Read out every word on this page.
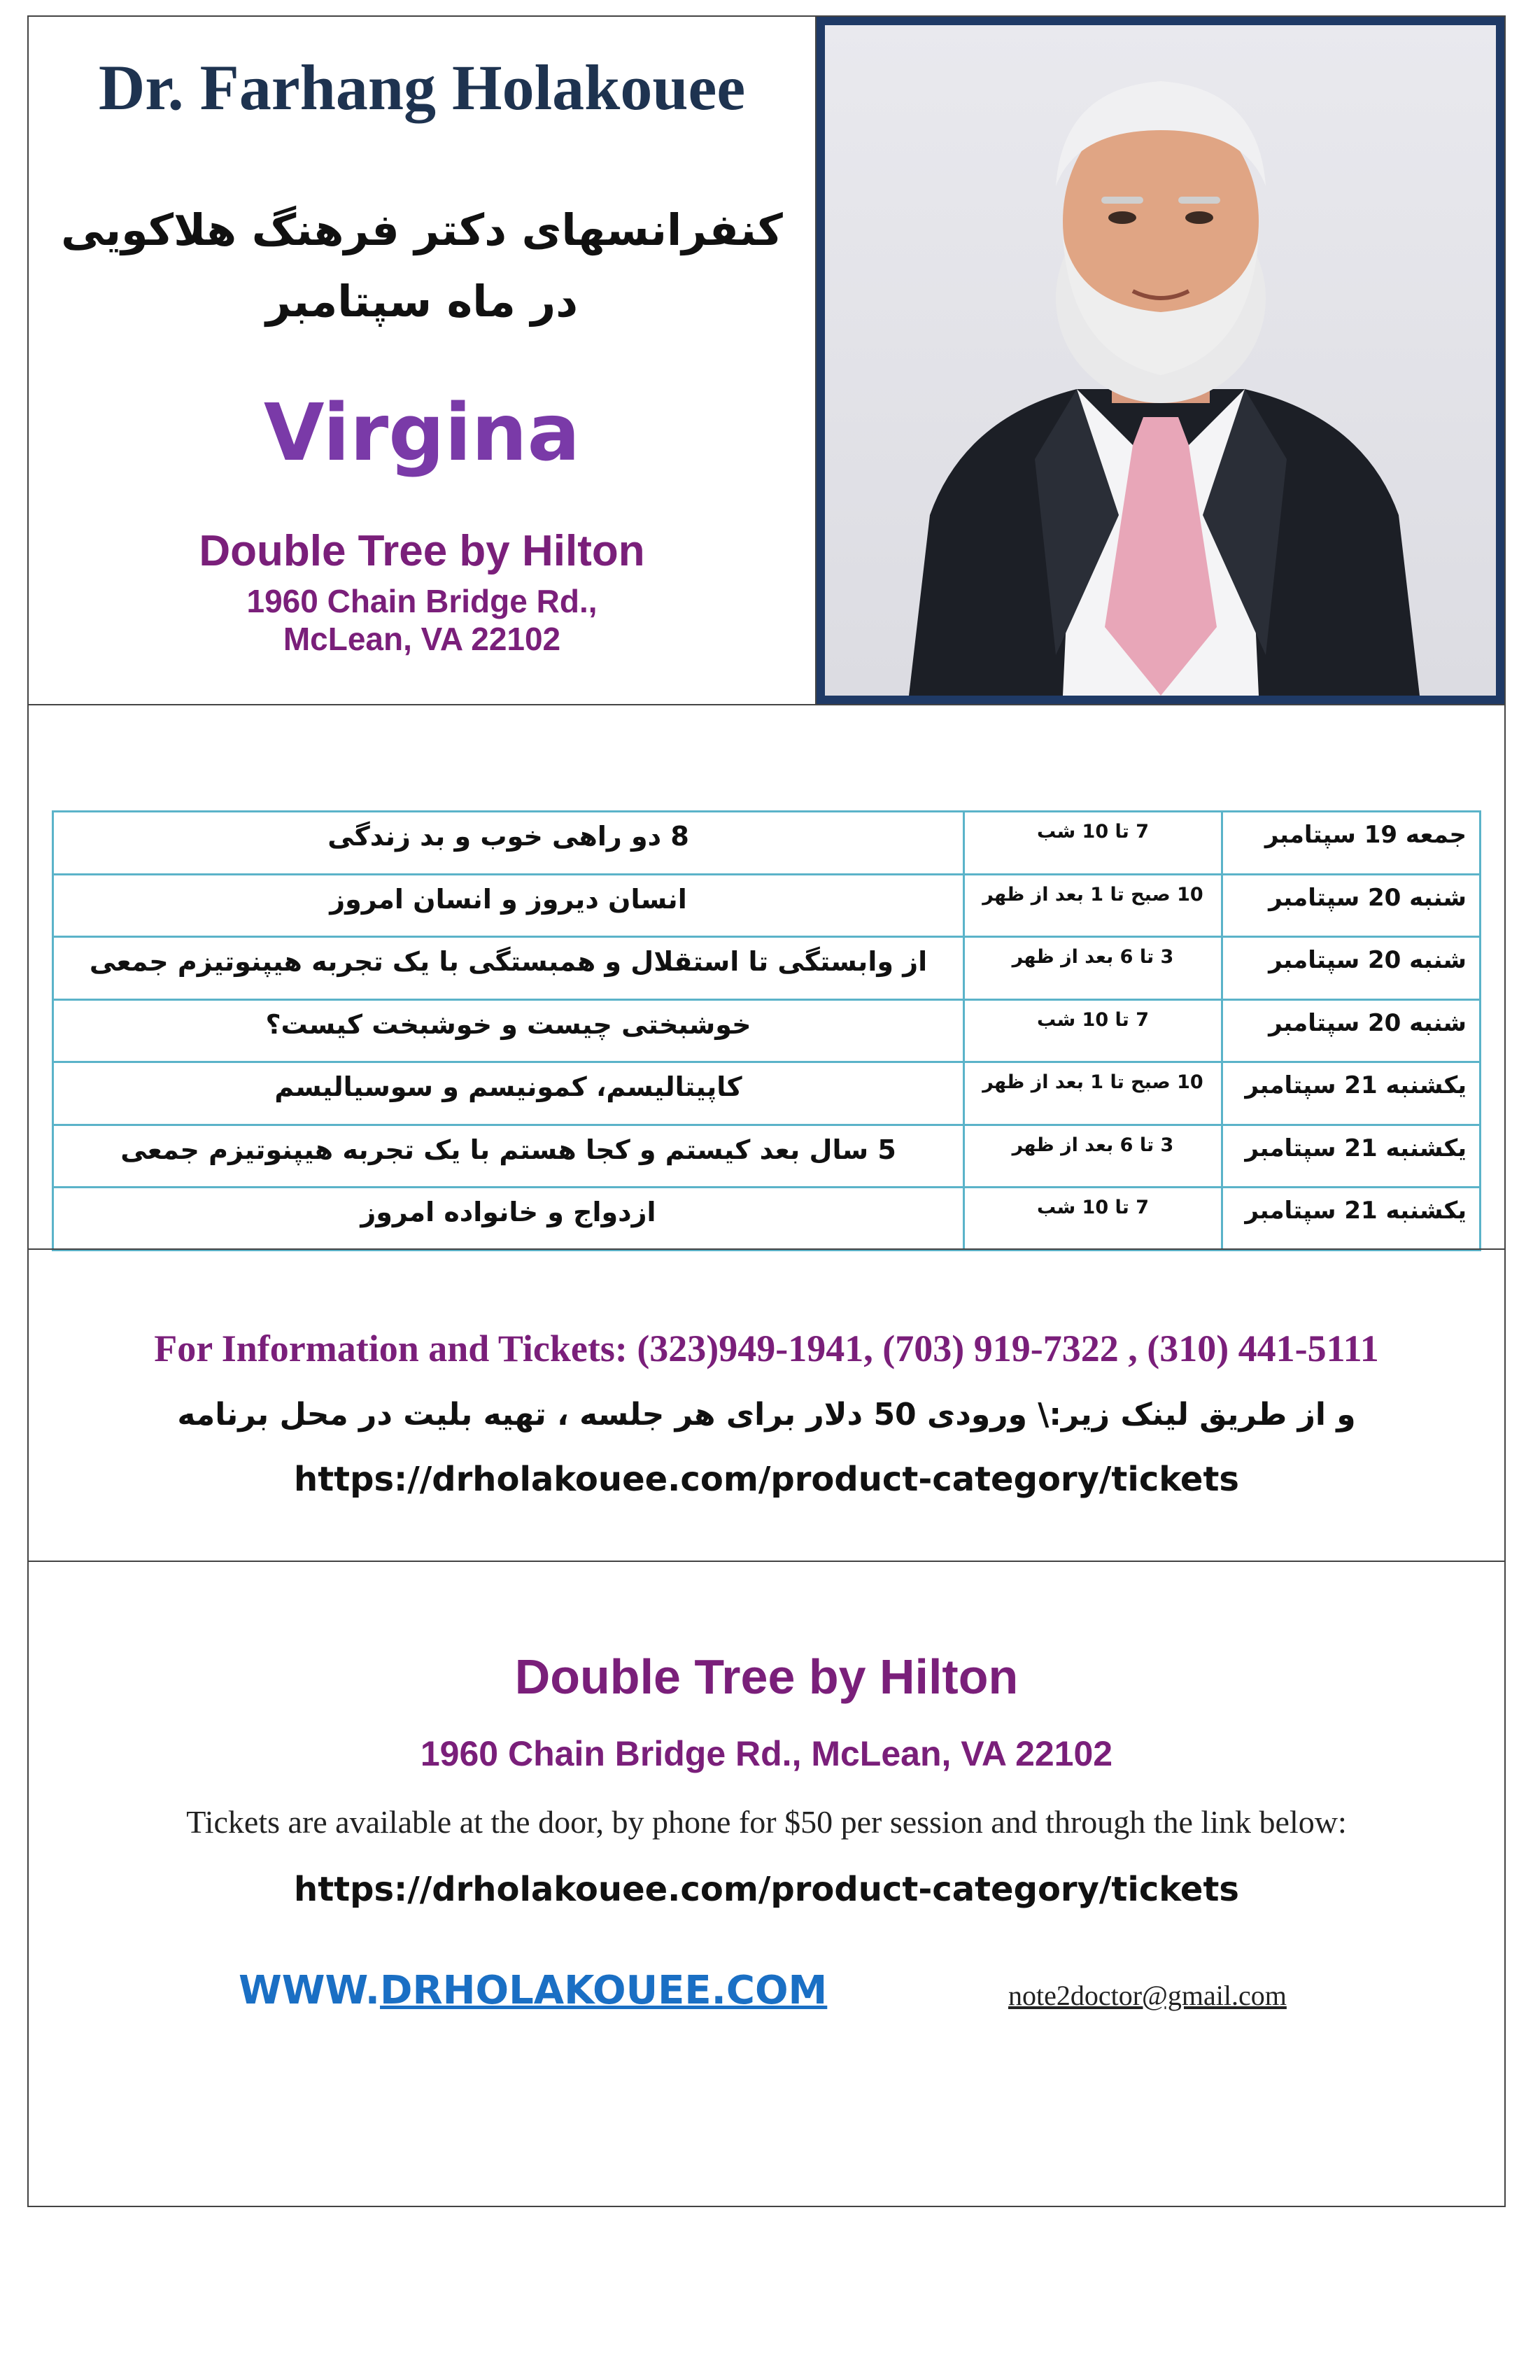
Dr. Farhang Holakouee
کنفرانسهای دکتر فرهنگ هلاکویی
در ماه سپتامبر
Virgina
Double Tree by Hilton
1960 Chain Bridge Rd.,
McLean, VA 22102
جمعه 19 سپتامبر	7 تا 10 شب	8 دو راهی خوب و بد زندگی
شنبه 20 سپتامبر	10 صبح تا 1 بعد از ظهر	انسان دیروز و انسان امروز
شنبه 20 سپتامبر	3 تا 6 بعد از ظهر	از وابستگی تا استقلال و همبستگی با یک تجربه هیپنوتیزم جمعی
شنبه 20 سپتامبر	7 تا 10 شب	خوشبختی چیست و خوشبخت کیست؟
یکشنبه 21 سپتامبر	10 صبح تا 1 بعد از ظهر	کاپیتالیسم، کمونیسم و سوسیالیسم
یکشنبه 21 سپتامبر	3 تا 6 بعد از ظهر	5 سال بعد کیستم و کجا هستم با یک تجربه هیپنوتیزم جمعی
یکشنبه 21 سپتامبر	7 تا 10 شب	ازدواج و خانواده امروز
For Information and Tickets: (323)949-1941, (703) 919-7322 , (310) 441-5111
و از طریق لینک زیر:\ ورودی 50 دلار برای هر جلسه ، تهیه بلیت در محل برنامه
https://drholakouee.com/product-category/tickets
Double Tree by Hilton
1960 Chain Bridge Rd., McLean, VA 22102
Tickets are available at the door, by phone for $50 per session and through the link below:
https://drholakouee.com/product-category/tickets
WWW.DRHOLAKOUEE.COM	note2doctor@gmail.com
